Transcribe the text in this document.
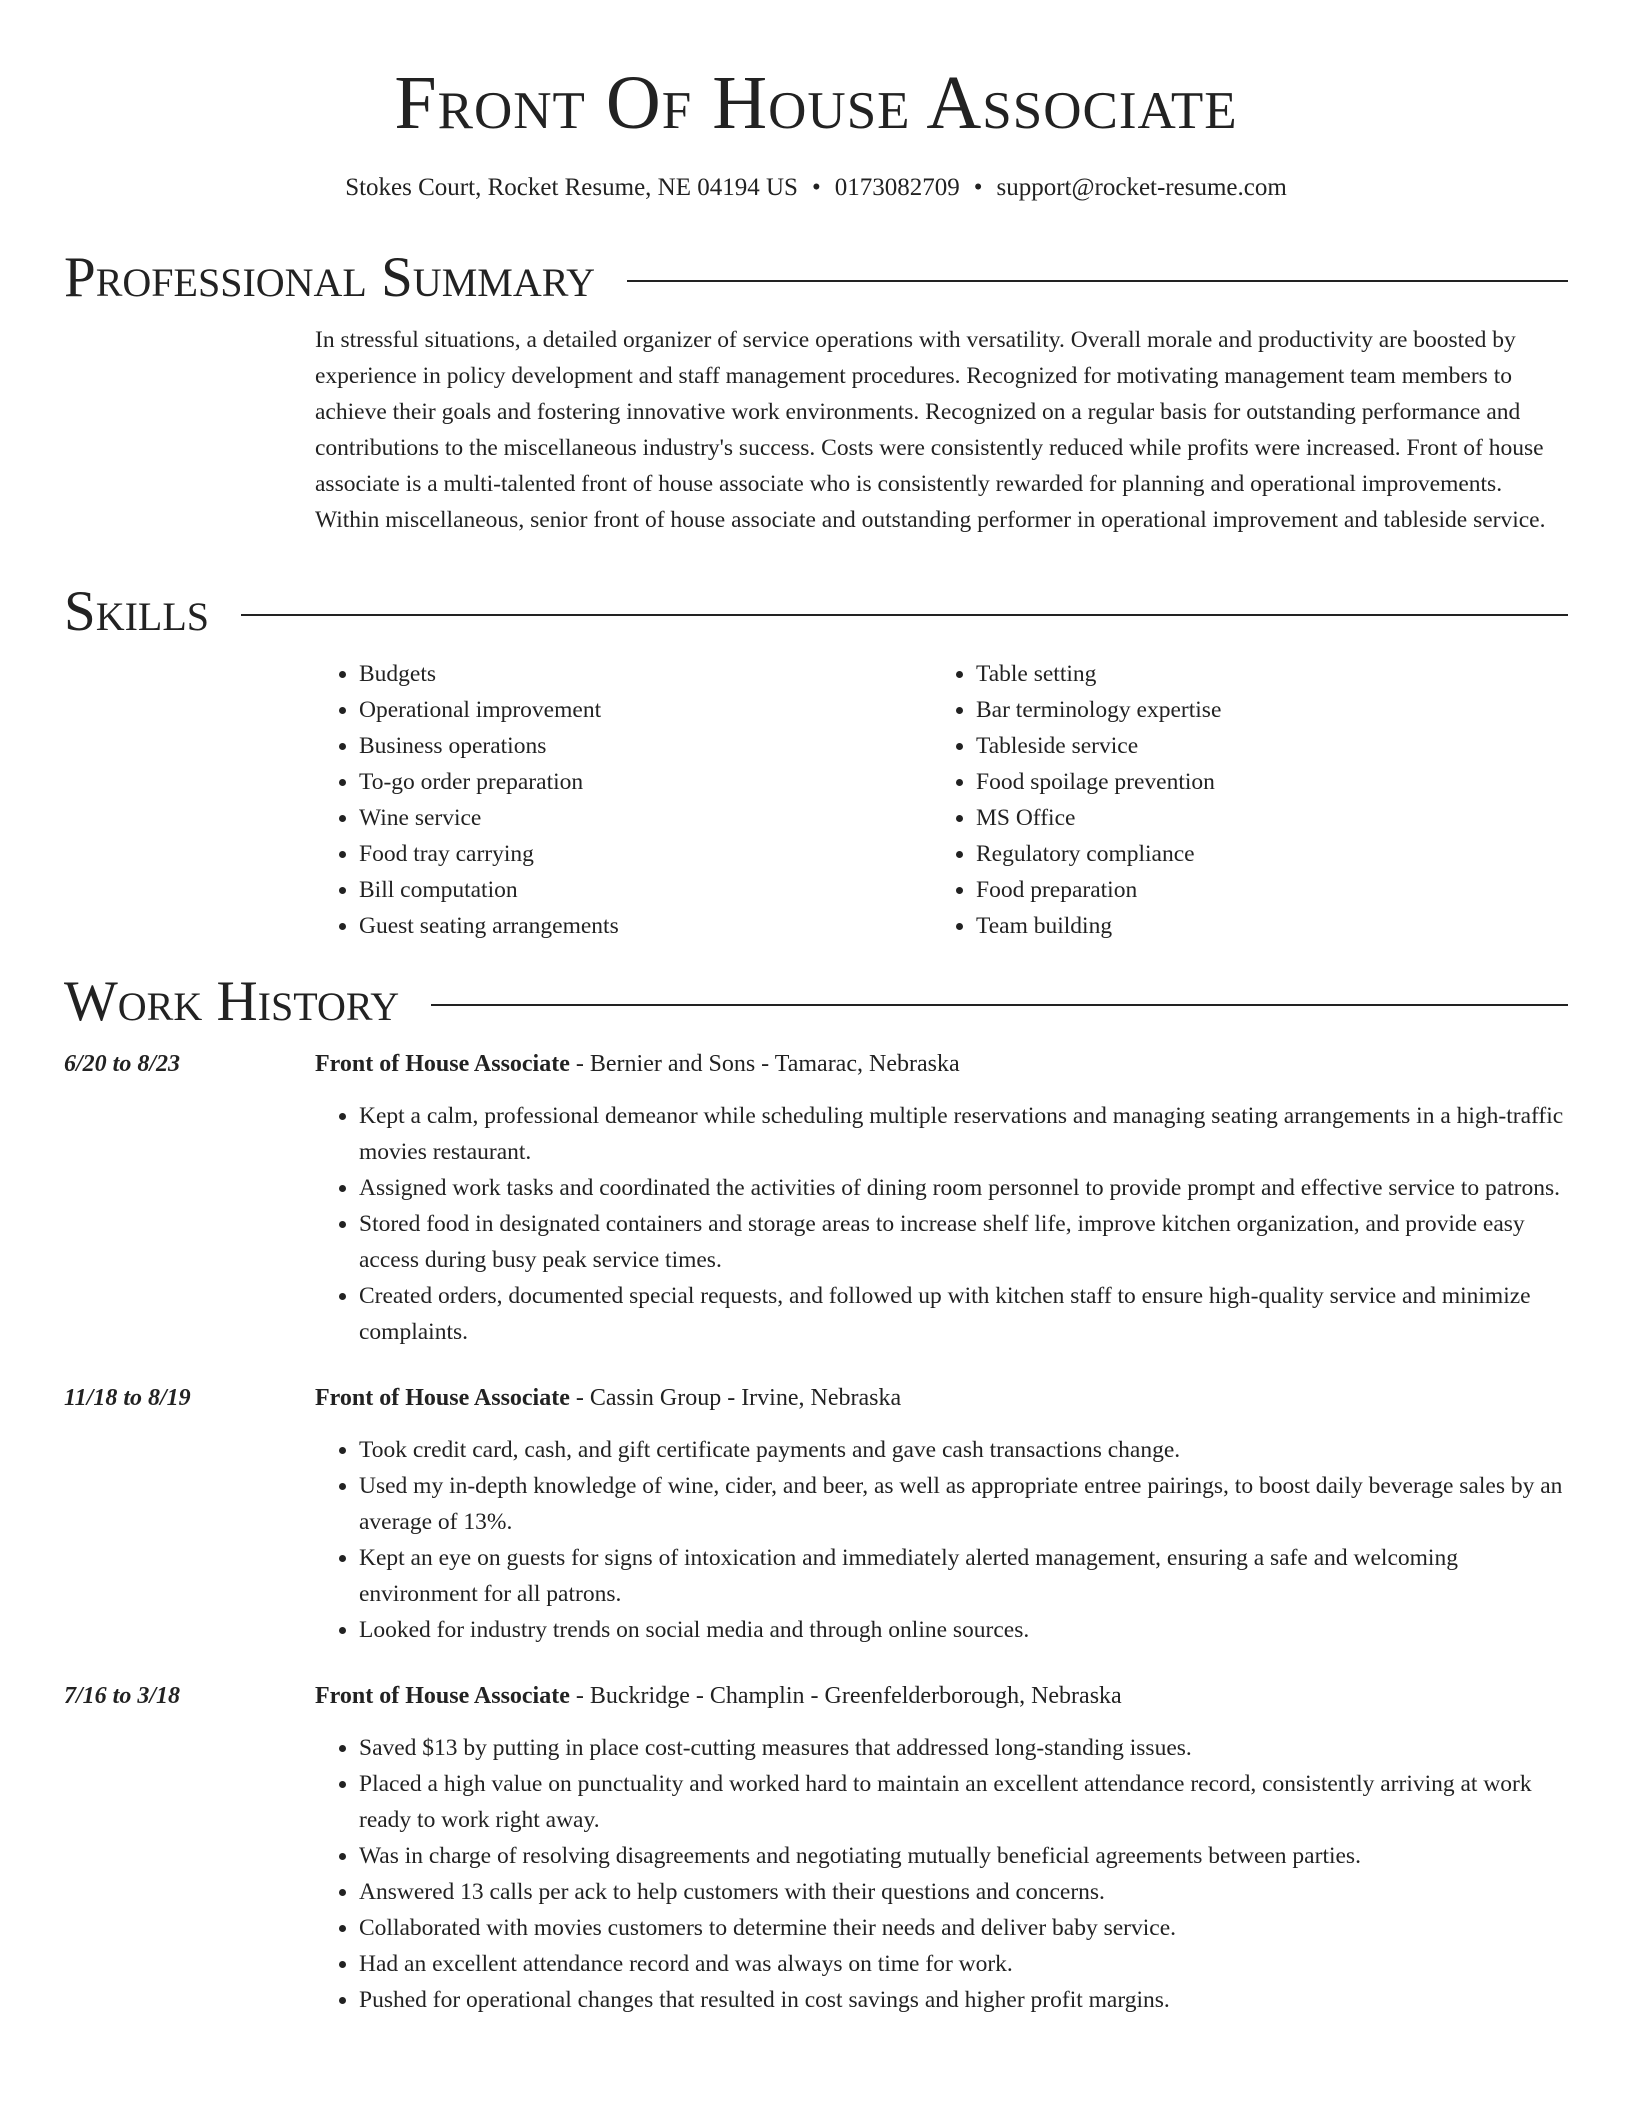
Front Of House Associate
Stokes Court, Rocket Resume, NE 04194 US • 0173082709 • support@rocket-resume.com
Professional Summary
In stressful situations, a detailed organizer of service operations with versatility. Overall morale and productivity are boosted by experience in policy development and staff management procedures. Recognized for motivating management team members to achieve their goals and fostering innovative work environments. Recognized on a regular basis for outstanding performance and contributions to the miscellaneous industry's success. Costs were consistently reduced while profits were increased. Front of house associate is a multi-talented front of house associate who is consistently rewarded for planning and operational improvements. Within miscellaneous, senior front of house associate and outstanding performer in operational improvement and tableside service.
Skills
• Budgets
• Operational improvement
• Business operations
• To-go order preparation
• Wine service
• Food tray carrying
• Bill computation
• Guest seating arrangements
• Table setting
• Bar terminology expertise
• Tableside service
• Food spoilage prevention
• MS Office
• Regulatory compliance
• Food preparation
• Team building
Work History
6/20 to 8/23	Front of House Associate - Bernier and Sons - Tamarac, Nebraska
• Kept a calm, professional demeanor while scheduling multiple reservations and managing seating arrangements in a high-traffic movies restaurant.
• Assigned work tasks and coordinated the activities of dining room personnel to provide prompt and effective service to patrons.
• Stored food in designated containers and storage areas to increase shelf life, improve kitchen organization, and provide easy access during busy peak service times.
• Created orders, documented special requests, and followed up with kitchen staff to ensure high-quality service and minimize complaints.
11/18 to 8/19	Front of House Associate - Cassin Group - Irvine, Nebraska
• Took credit card, cash, and gift certificate payments and gave cash transactions change.
• Used my in-depth knowledge of wine, cider, and beer, as well as appropriate entree pairings, to boost daily beverage sales by an average of 13%.
• Kept an eye on guests for signs of intoxication and immediately alerted management, ensuring a safe and welcoming environment for all patrons.
• Looked for industry trends on social media and through online sources.
7/16 to 3/18	Front of House Associate - Buckridge - Champlin - Greenfelderborough, Nebraska
• Saved $13 by putting in place cost-cutting measures that addressed long-standing issues.
• Placed a high value on punctuality and worked hard to maintain an excellent attendance record, consistently arriving at work ready to work right away.
• Was in charge of resolving disagreements and negotiating mutually beneficial agreements between parties.
• Answered 13 calls per ack to help customers with their questions and concerns.
• Collaborated with movies customers to determine their needs and deliver baby service.
• Had an excellent attendance record and was always on time for work.
• Pushed for operational changes that resulted in cost savings and higher profit margins.
